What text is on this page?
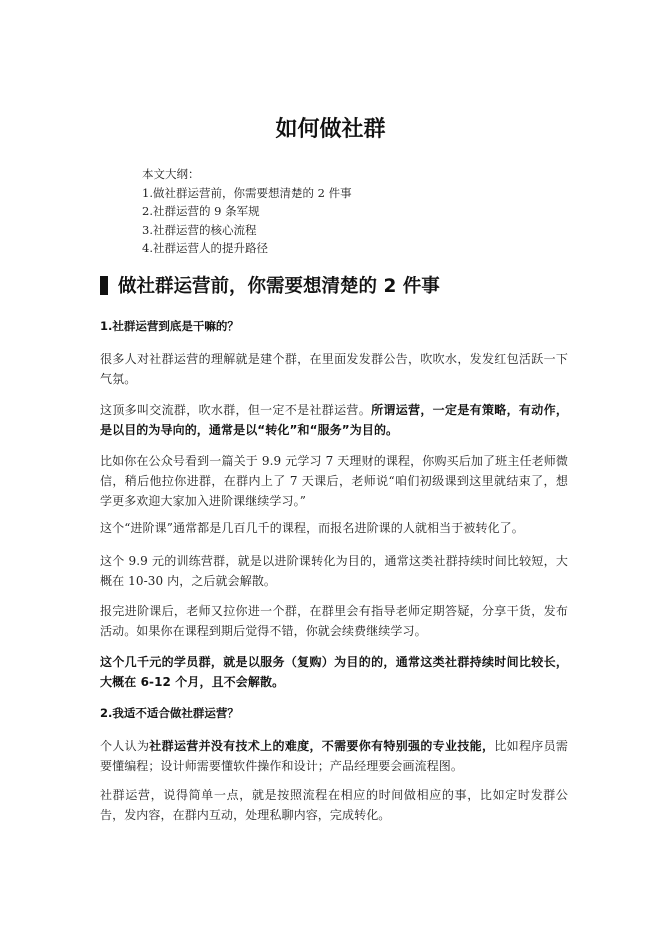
如何做社群
本文大纲：
1.做社群运营前，你需要想清楚的 2 件事
2.社群运营的 9 条军规
3.社群运营的核心流程
4.社群运营人的提升路径
做社群运营前，你需要想清楚的 2 件事
1.社群运营到底是干嘛的？
很多人对社群运营的理解就是建个群，在里面发发群公告，吹吹水，发发红包活跃一下气氛。
这顶多叫交流群，吹水群，但一定不是社群运营。所谓运营，一定是有策略，有动作，是以目的为导向的，通常是以“转化”和“服务”为目的。
比如你在公众号看到一篇关于 9.9 元学习 7 天理财的课程，你购买后加了班主任老师微信，稍后他拉你进群，在群内上了 7 天课后，老师说“咱们初级课到这里就结束了，想学更多欢迎大家加入进阶课继续学习。”
这个“进阶课”通常都是几百几千的课程，而报名进阶课的人就相当于被转化了。
这个 9.9 元的训练营群，就是以进阶课转化为目的，通常这类社群持续时间比较短，大概在 10-30 内，之后就会解散。
报完进阶课后，老师又拉你进一个群，在群里会有指导老师定期答疑，分享干货，发布活动。如果你在课程到期后觉得不错，你就会续费继续学习。
这个几千元的学员群，就是以服务（复购）为目的的，通常这类社群持续时间比较长，大概在 6-12 个月，且不会解散。
2.我适不适合做社群运营？
个人认为社群运营并没有技术上的难度，不需要你有特别强的专业技能，比如程序员需要懂编程；设计师需要懂软件操作和设计；产品经理要会画流程图。
社群运营，说得简单一点，就是按照流程在相应的时间做相应的事，比如定时发群公告，发内容，在群内互动，处理私聊内容，完成转化。
